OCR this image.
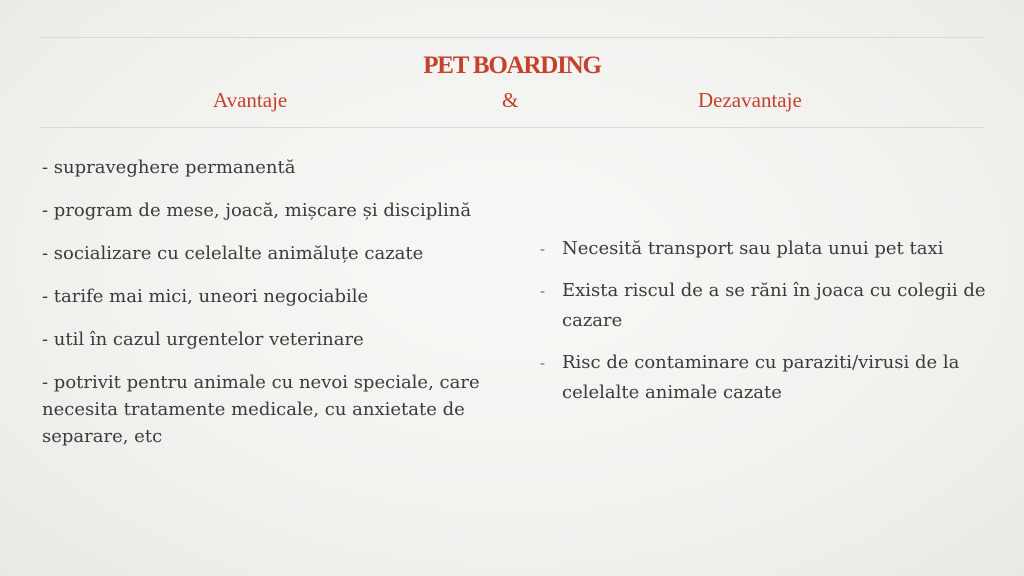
PET BOARDING
Avantaje	&	Dezavantaje
- supraveghere permanentă
- program de mese, joacă, mișcare și disciplină
- socializare cu celelalte animăluțe cazate
- tarife mai mici, uneori negociabile
- util în cazul urgentelor veterinare
- potrivit pentru animale cu nevoi speciale, care necesita tratamente medicale, cu anxietate de separare, etc
- Necesită transport sau plata unui pet taxi
- Exista riscul de a se răni în joaca cu colegii de cazare
- Risc de contaminare cu paraziti/virusi de la celelalte animale cazate
